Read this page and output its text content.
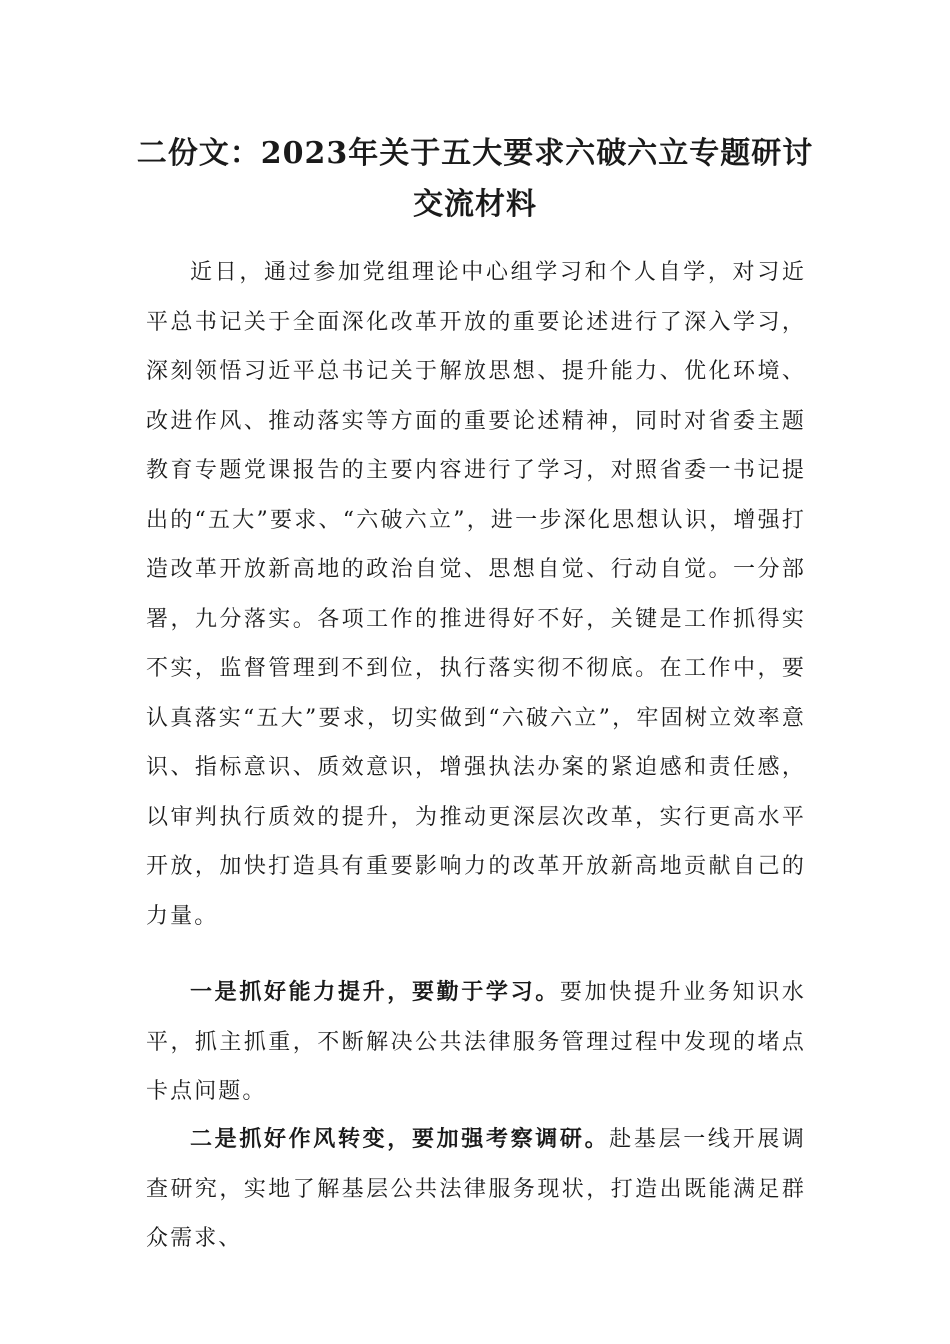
二份文：2023年关于五大要求六破六立专题研讨交流材料

近日，通过参加党组理论中心组学习和个人自学，对习近平总书记关于全面深化改革开放的重要论述进行了深入学习，深刻领悟习近平总书记关于解放思想、提升能力、优化环境、改进作风、推动落实等方面的重要论述精神，同时对省委主题教育专题党课报告的主要内容进行了学习，对照省委一书记提出的“五大”要求、“六破六立”，进一步深化思想认识，增强打造改革开放新高地的政治自觉、思想自觉、行动自觉。一分部署，九分落实。各项工作的推进得好不好，关键是工作抓得实不实，监督管理到不到位，执行落实彻不彻底。在工作中，要认真落实“五大”要求，切实做到“六破六立”，牢固树立效率意识、指标意识、质效意识，增强执法办案的紧迫感和责任感，以审判执行质效的提升，为推动更深层次改革，实行更高水平开放，加快打造具有重要影响力的改革开放新高地贡献自己的力量。

一是抓好能力提升，要勤于学习。要加快提升业务知识水平，抓主抓重，不断解决公共法律服务管理过程中发现的堵点卡点问题。

二是抓好作风转变，要加强考察调研。赴基层一线开展调查研究，实地了解基层公共法律服务现状，打造出既能满足群众需求、
